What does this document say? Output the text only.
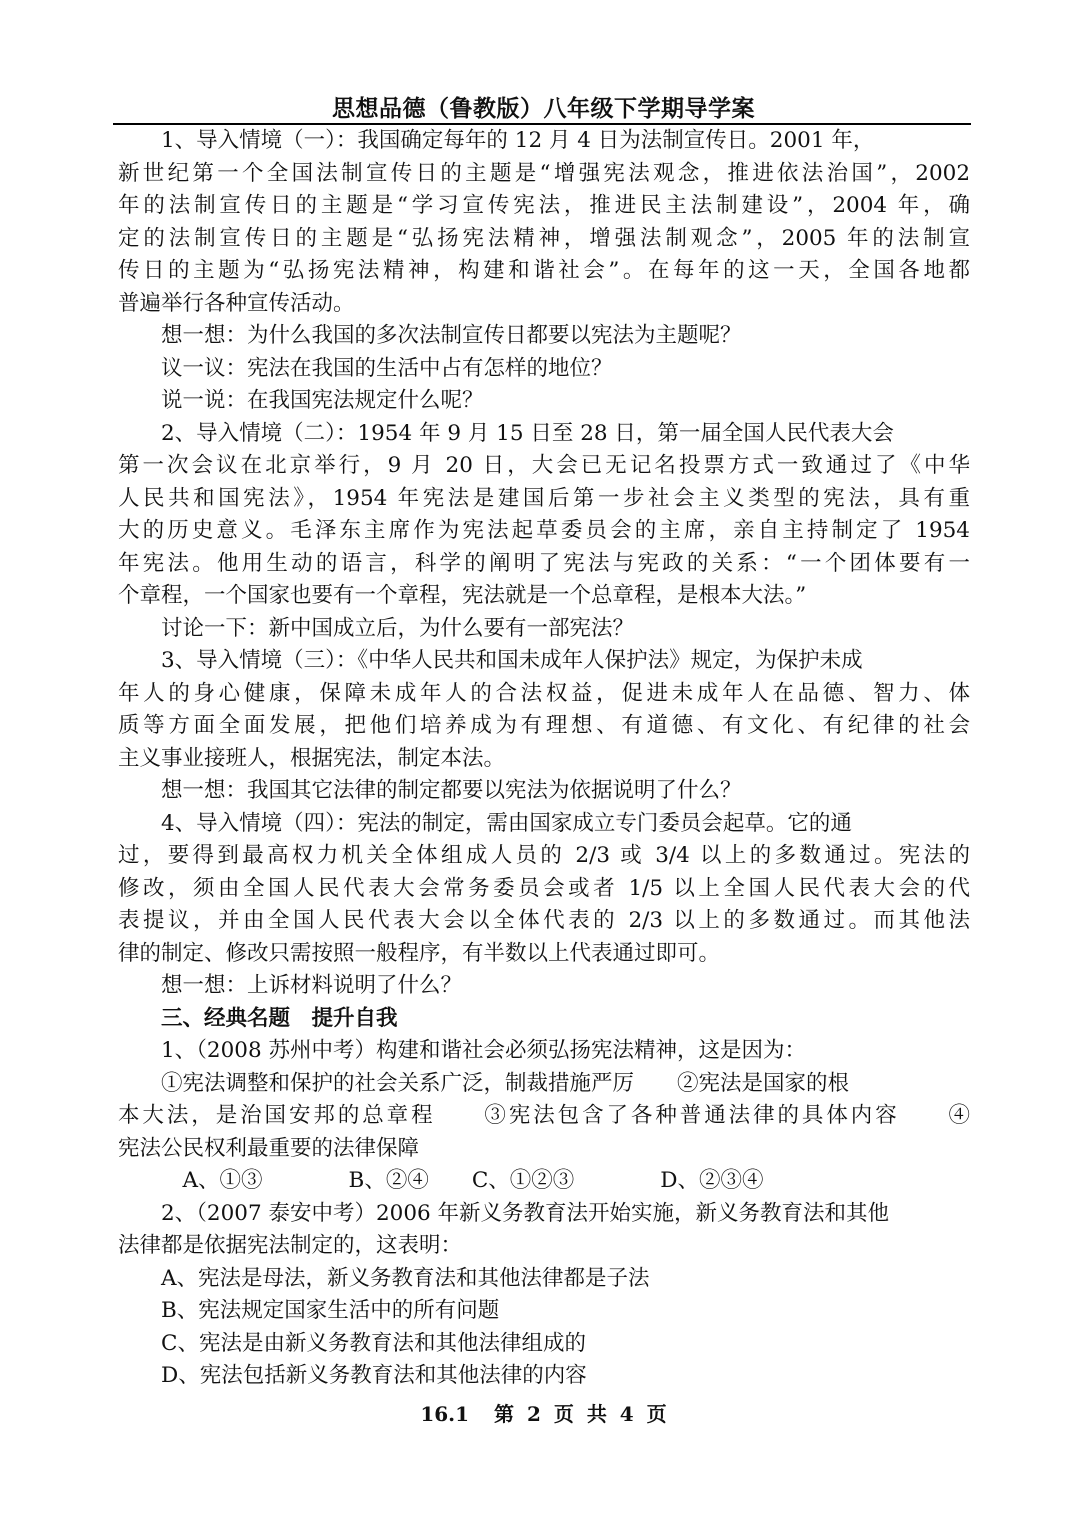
思想品德（鲁教版）八年级下学期导学案
　　1、导入情境（一）：我国确定每年的 12 月 4 日为法制宣传日。2001 年，
新世纪第一个全国法制宣传日的主题是“增强宪法观念，推进依法治国”，2002
年的法制宣传日的主题是“学习宣传宪法，推进民主法制建设”，2004 年，确
定的法制宣传日的主题是“弘扬宪法精神，增强法制观念”，2005 年的法制宣
传日的主题为“弘扬宪法精神，构建和谐社会”。在每年的这一天，全国各地都
普遍举行各种宣传活动。
　　想一想：为什么我国的多次法制宣传日都要以宪法为主题呢？
　　议一议：宪法在我国的生活中占有怎样的地位？
　　说一说：在我国宪法规定什么呢？
　　2、导入情境（二）：1954 年 9 月 15 日至 28 日，第一届全国人民代表大会
第一次会议在北京举行，9 月 20 日，大会已无记名投票方式一致通过了《中华
人民共和国宪法》，1954 年宪法是建国后第一步社会主义类型的宪法，具有重
大的历史意义。毛泽东主席作为宪法起草委员会的主席，亲自主持制定了 1954
年宪法。他用生动的语言，科学的阐明了宪法与宪政的关系：“一个团体要有一
个章程，一个国家也要有一个章程，宪法就是一个总章程，是根本大法。”
　　讨论一下：新中国成立后，为什么要有一部宪法？
　　3、导入情境（三）：《中华人民共和国未成年人保护法》规定，为保护未成
年人的身心健康，保障未成年人的合法权益，促进未成年人在品德、智力、体
质等方面全面发展，把他们培养成为有理想、有道德、有文化、有纪律的社会
主义事业接班人，根据宪法，制定本法。
　　想一想：我国其它法律的制定都要以宪法为依据说明了什么？
　　4、导入情境（四）：宪法的制定，需由国家成立专门委员会起草。它的通
过，要得到最高权力机关全体组成人员的 2/3 或 3/4 以上的多数通过。宪法的
修改，须由全国人民代表大会常务委员会或者 1/5 以上全国人民代表大会的代
表提议，并由全国人民代表大会以全体代表的 2/3 以上的多数通过。而其他法
律的制定、修改只需按照一般程序，有半数以上代表通过即可。
　　想一想：上诉材料说明了什么？
　　三、经典名题　提升自我
　　1、（2008 苏州中考）构建和谐社会必须弘扬宪法精神，这是因为：
　　①宪法调整和保护的社会关系广泛，制裁措施严厉　　②宪法是国家的根
本大法，是治国安邦的总章程　　③宪法包含了各种普通法律的具体内容　　④
宪法公民权利最重要的法律保障
　　　A、①③　　　　B、②④　　C、①②③　　　　D、②③④
　　2、（2007 泰安中考）2006 年新义务教育法开始实施，新义务教育法和其他
法律都是依据宪法制定的，这表明：
　　A、宪法是母法，新义务教育法和其他法律都是子法
　　B、宪法规定国家生活中的所有问题
　　C、宪法是由新义务教育法和其他法律组成的
　　D、宪法包括新义务教育法和其他法律的内容
16.1 第 2 页 共 4 页
